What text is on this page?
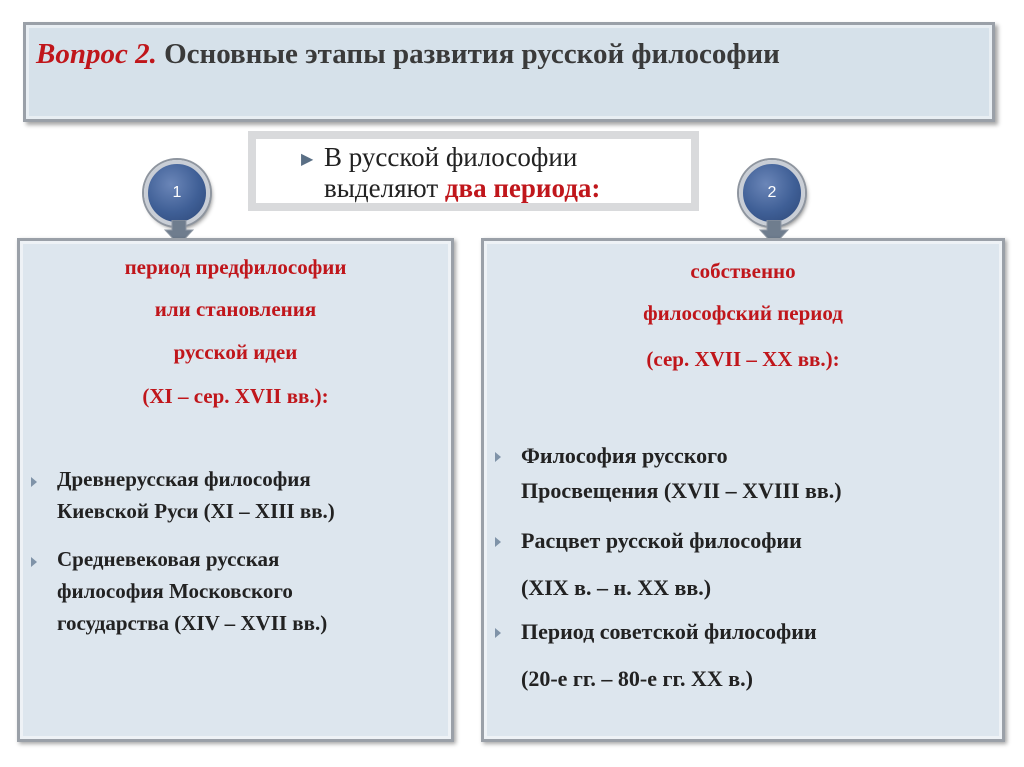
Вопрос 2. Основные этапы развития русской философии
▶ В русской философии
выделяют два периода:
1	2
период предфилософии
или становления
русской идеи
(XI – сер. XVII вв.):
Древнерусская философия
Киевской Руси (XI – XIII вв.)
Средневековая русская
философия Московского
государства (XIV – XVII вв.)
собственно
философский период
(сер. XVII – XX вв.):
Философия русского
Просвещения (XVII – XVIII вв.)
Расцвет русской философии
(XIX в. – н. XX вв.)
Период советской философии
(20-е гг. – 80-е гг. XX в.)
